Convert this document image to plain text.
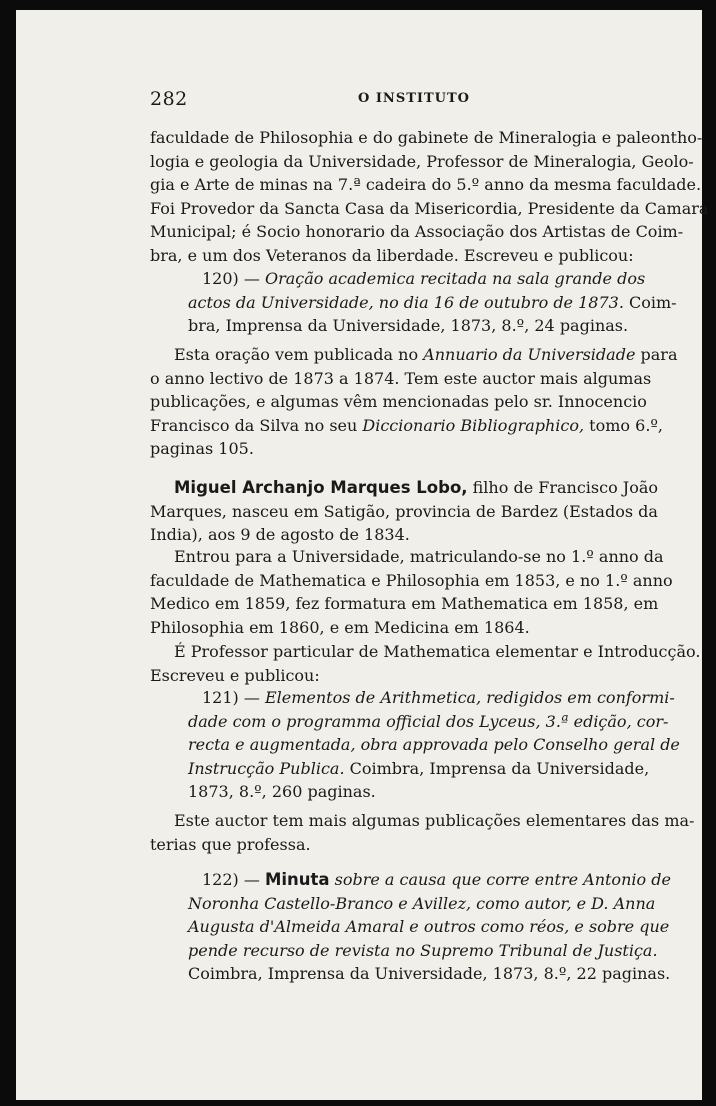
282	O INSTITUTO
faculdade de Philosophia e do gabinete de Mineralogia e paleontho-
logia e geologia da Universidade, Professor de Mineralogia, Geolo-
gia e Arte de minas na 7.ª cadeira do 5.º anno da mesma faculdade.
Foi Provedor da Sancta Casa da Misericordia, Presidente da Camara
Municipal; é Socio honorario da Associação dos Artistas de Coim-
bra, e um dos Veteranos da liberdade. Escreveu e publicou:
120) — Oração academica recitada na sala grande dos
actos da Universidade, no dia 16 de outubro de 1873. Coim-
bra, Imprensa da Universidade, 1873, 8.º, 24 paginas.
Esta oração vem publicada no Annuario da Universidade para
o anno lectivo de 1873 a 1874. Tem este auctor mais algumas
publicações, e algumas vêm mencionadas pelo sr. Innocencio
Francisco da Silva no seu Diccionario Bibliographico, tomo 6.º,
paginas 105.
Miguel Archanjo Marques Lobo, filho de Francisco João
Marques, nasceu em Satigão, provincia de Bardez (Estados da
India), aos 9 de agosto de 1834.
Entrou para a Universidade, matriculando-se no 1.º anno da
faculdade de Mathematica e Philosophia em 1853, e no 1.º anno
Medico em 1859, fez formatura em Mathematica em 1858, em
Philosophia em 1860, e em Medicina em 1864.
É Professor particular de Mathematica elementar e Introducção.
Escreveu e publicou:
121) — Elementos de Arithmetica, redigidos em conformi-
dade com o programma official dos Lyceus, 3.ª edição, cor-
recta e augmentada, obra approvada pelo Conselho geral de
Instrucção Publica. Coimbra, Imprensa da Universidade,
1873, 8.º, 260 paginas.
Este auctor tem mais algumas publicações elementares das ma-
terias que professa.
122) — Minuta sobre a causa que corre entre Antonio de
Noronha Castello-Branco e Avillez, como autor, e D. Anna
Augusta d'Almeida Amaral e outros como réos, e sobre que
pende recurso de revista no Supremo Tribunal de Justiça.
Coimbra, Imprensa da Universidade, 1873, 8.º, 22 paginas.
